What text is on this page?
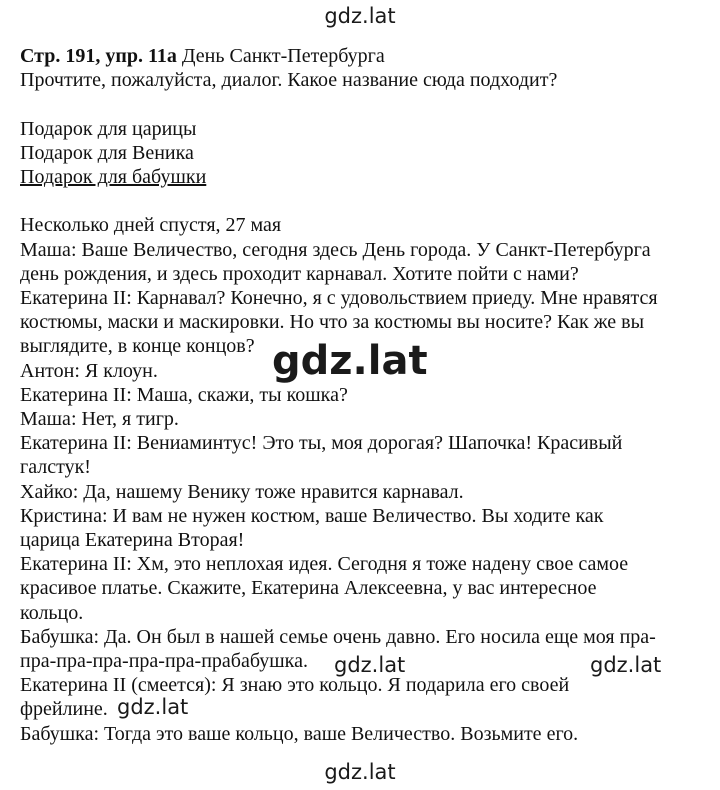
gdz.lat
Стр. 191, упр. 11а День Санкт-Петербурга
Прочтите, пожалуйста, диалог. Какое название сюда подходит?
Подарок для царицы
Подарок для Веника
Подарок для бабушки
Несколько дней спустя, 27 мая
Маша: Ваше Величество, сегодня здесь День города. У Санкт-Петербурга
день рождения, и здесь проходит карнавал. Хотите пойти с нами?
Екатерина II: Карнавал? Конечно, я с удовольствием приеду. Мне нравятся
костюмы, маски и маскировки. Но что за костюмы вы носите? Как же вы
выглядите, в конце концов?
Антон: Я клоун.
Екатерина II: Маша, скажи, ты кошка?
Маша: Нет, я тигр.
Екатерина II: Вениаминтус! Это ты, моя дорогая? Шапочка! Красивый
галстук!
Хайко: Да, нашему Венику тоже нравится карнавал.
Кристина: И вам не нужен костюм, ваше Величество. Вы ходите как
царица Екатерина Вторая!
Екатерина II: Хм, это неплохая идея. Сегодня я тоже надену свое самое
красивое платье. Скажите, Екатерина Алексеевна, у вас интересное
кольцо.
Бабушка: Да. Он был в нашей семье очень давно. Его носила еще моя пра-
пра-пра-пра-пра-пра-прабабушка.
Екатерина II (смеется): Я знаю это кольцо. Я подарила его своей
фрейлине.
Бабушка: Тогда это ваше кольцо, ваше Величество. Возьмите его.
gdz.lat
gdz.lat	gdz.lat
gdz.lat
gdz.lat
